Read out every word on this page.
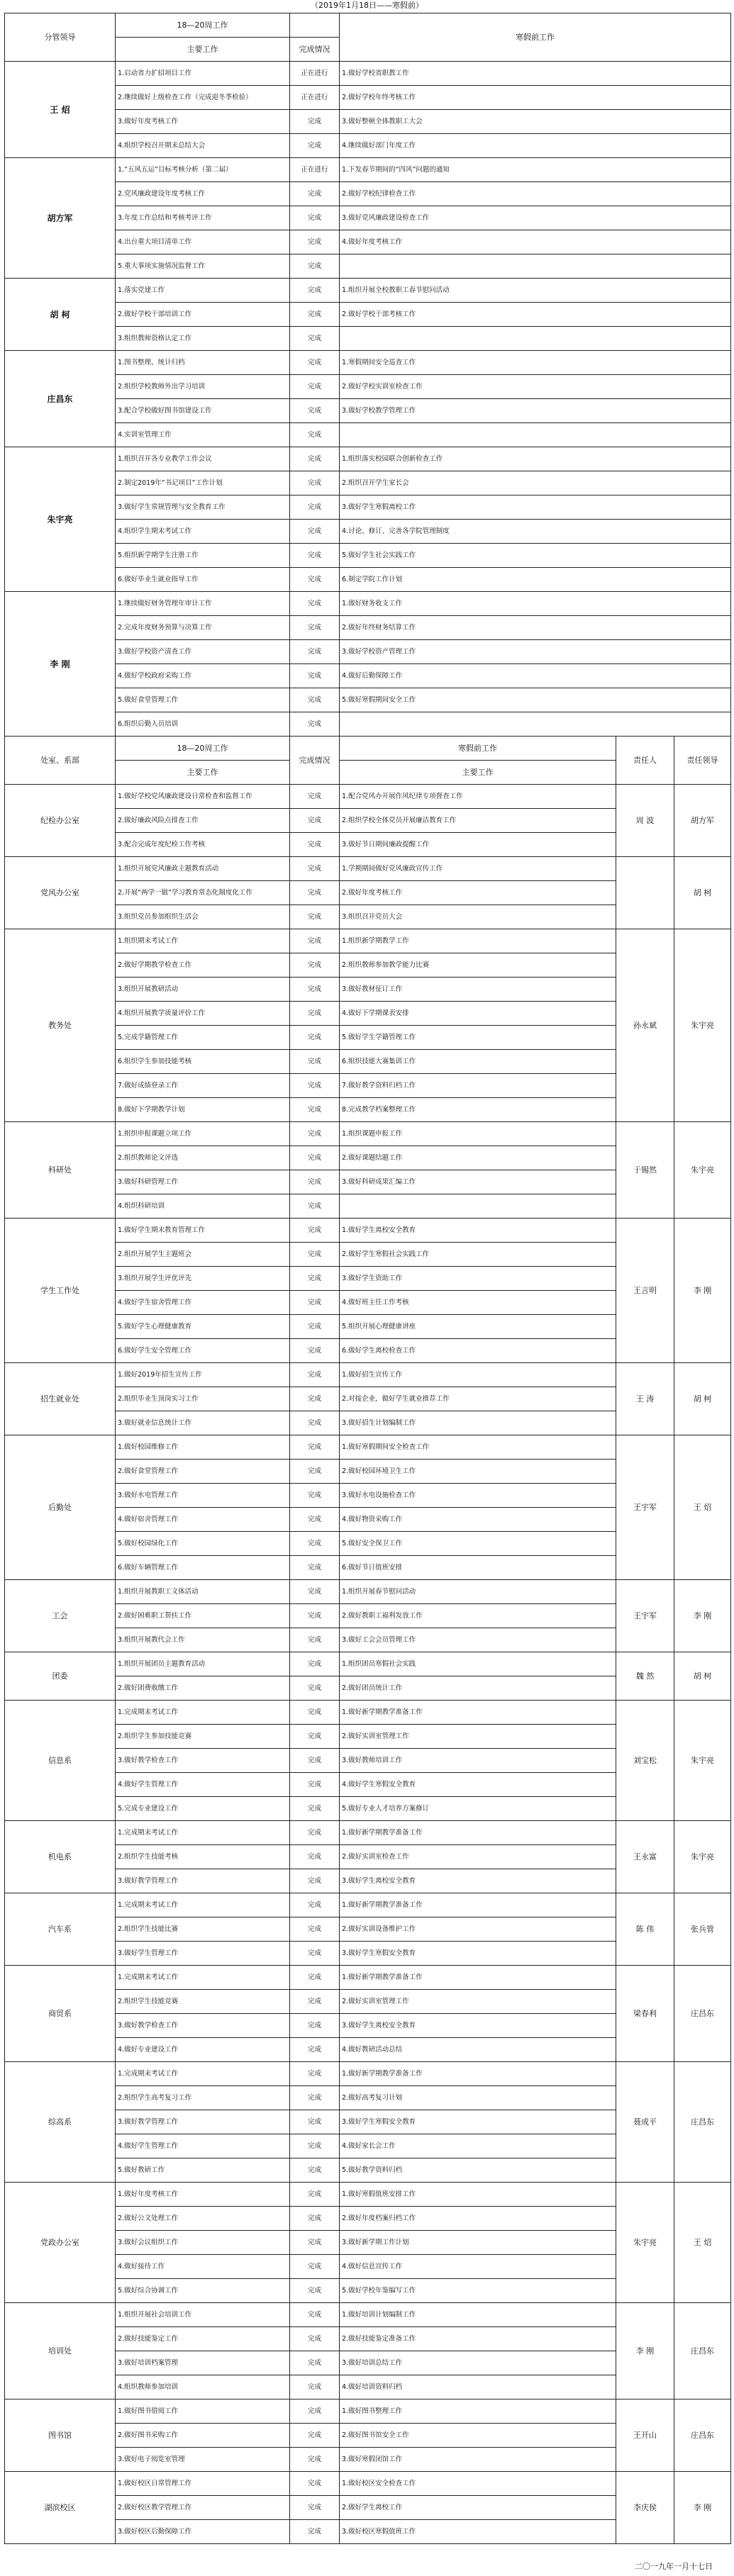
（2019年1月18日——寒假前）
分管领导	18—20周工作		寒假前工作		
	主要工作	完成情况			
王 炤	1.启动省力扩招项目工作	正在进行	1.做好学校省职教工作		
	2.继续做好上级检查工作（完成迎冬季检验）	正在进行	2.做好学校年终考核工作		
	3.做好年度考核工作	完成	3.做好整顿全体教职工大会		
	4.组织学校召开期末总结大会	完成	4.继续做好部门年度工作		
胡方军	1.“五风五运”目标考核分析（第二届）	正在进行	1.下发春节期间的“四风”问题的通知		
	2.党风廉政建设年度考核工作	完成	2.做好学校纪律检查工作		
	3.年度工作总结和考核考评工作	完成	3.做好党风廉政建设检查工作		
	4.出台重大项目清单工作	完成	4.做好年度考核工作		
	5.重大事项实施情况监督工作	完成			
胡 柯	1.落实党建工作	完成	1.组织开展全校教职工春节慰问活动		
	2.做好学校干部培训工作	完成	2.做好学校干部考核工作		
	3.组织教师资格认定工作	完成			
庄昌东	1.图书整理、统计归档	完成	1.寒假期间安全巡查工作		
	2.组织学校教师外出学习培训	完成	2.做好学校实训室检查工作		
	3.配合学校做好图书馆建设工作	完成	3.做好学校教学管理工作		
	4.实训室管理工作	完成			
朱宇亮	1.组织召开各专业教学工作会议	完成	1.组织落实校园联合创新检查工作		
	2.制定2019年“书记项目”工作计划	完成	2.组织召开学生家长会		
	3.做好学生常规管理与安全教育工作	完成	3.做好学生寒假离校工作		
	4.组织学生期末考试工作	完成	4.讨论、修订、完善各学院管理制度		
	5.组织新学期学生注册工作	完成	5.做好学生社会实践工作		
	6.做好毕业生就业指导工作	完成	6.制定学院工作计划		
李 刚	1.继续做好财务管理年审计工作	完成	1.做好财务收支工作		
	2.完成年度财务预算与决算工作	完成	2.做好年终财务结算工作		
	3.做好学校资产清查工作	完成	3.做好学校资产管理工作		
	4.做好学校政府采购工作	完成	4.做好后勤保障工作		
	5.做好食堂管理工作	完成	5.做好寒假期间安全工作		
	6.组织后勤人员培训	完成			
处室、系部	18—20周工作	完成情况	寒假前工作	责任人	责任领导
	主要工作		主要工作		
纪检办公室	1.做好学校党风廉政建设日常检查和监督工作	完成	1.配合党风办开展作风纪律专项督查工作	周 波	胡方军
	2.做好廉政风险点排查工作	完成	2.组织学校全体党员开展廉洁教育工作		
	3.配合完成年度纪检工作考核	完成	3.做好节日期间廉政提醒工作		
党风办公室	1.组织开展党风廉政主题教育活动	完成	1.学期期间做好党风廉政宣传工作		胡 柯
	2.开展“两学一做”学习教育常态化制度化工作	完成	2.做好年度考核工作		
	3.组织党员参加组织生活会	完成	3.组织召开党员大会		
教务处	1.组织期末考试工作	完成	1.组织新学期教学工作	孙永斌	朱宇亮
	2.做好学期教学检查工作	完成	2.组织教师参加教学能力比赛		
	3.组织开展教研活动	完成	3.做好教材征订工作		
	4.组织开展教学质量评价工作	完成	4.做好下学期课表安排		
	5.完成学籍管理工作	完成	5.做好学生学籍管理工作		
	6.组织学生参加技能考核	完成	6.组织技能大赛集训工作		
	7.做好成绩登录工作	完成	7.做好教学资料归档工作		
	8.做好下学期教学计划	完成	8.完成教学档案整理工作		
科研处	1.组织申报课题立项工作	完成	1.组织课题申报工作	于锡然	朱宇亮
	2.组织教师论文评选	完成	2.做好课题结题工作		
	3.做好科研管理工作	完成	3.做好科研成果汇编工作		
	4.组织科研培训	完成			
学生工作处	1.做好学生期末教育管理工作	完成	1.做好学生离校安全教育	王言明	李 刚
	2.组织开展学生主题班会	完成	2.做好学生寒假社会实践工作		
	3.组织开展学生评优评先	完成	3.做好学生资助工作		
	4.做好学生宿舍管理工作	完成	4.做好班主任工作考核		
	5.做好学生心理健康教育	完成	5.组织开展心理健康讲座		
	6.做好学生安全管理工作	完成	6.做好学生离校检查工作		
招生就业处	1.做好2019年招生宣传工作	完成	1.做好招生宣传工作	王 涛	胡 柯
	2.组织毕业生顶岗实习工作	完成	2.对接企业，做好学生就业推荐工作		
	3.做好就业信息统计工作	完成	3.做好招生计划编制工作		
后勤处	1.做好校园维修工作	完成	1.做好寒假期间安全检查工作	王宇军	王 炤
	2.做好食堂管理工作	完成	2.做好校园环境卫生工作		
	3.做好水电管理工作	完成	3.做好水电设施检查工作		
	4.做好宿舍管理工作	完成	4.做好物资采购工作		
	5.做好校园绿化工作	完成	5.做好安全保卫工作		
	6.做好车辆管理工作	完成	6.做好节日值班安排		
工会	1.组织开展教职工文体活动	完成	1.组织开展春节慰问活动	王宇军	李 刚
	2.做好困难职工帮扶工作	完成	2.做好教职工福利发放工作		
	3.组织开展教代会工作	完成	3.做好工会会员管理工作		
团委	1.组织开展团员主题教育活动	完成	1.组织团员寒假社会实践	魏 然	胡 柯
	2.做好团费收缴工作	完成	2.做好团员统计工作		
信息系	1.完成期末考试工作	完成	1.做好新学期教学准备工作	刘宝松	朱宇亮
	2.组织学生参加技能竞赛	完成	2.做好实训室管理工作		
	3.做好教学检查工作	完成	3.做好教师培训工作		
	4.做好学生管理工作	完成	4.做好学生寒假安全教育		
	5.完成专业建设工作	完成	5.做好专业人才培养方案修订		
机电系	1.完成期末考试工作	完成	1.做好新学期教学准备工作	王永富	朱宇亮
	2.组织学生技能考核	完成	2.做好实训室检查工作		
	3.做好教学管理工作	完成	3.做好学生离校安全教育		
汽车系	1.完成期末考试工作	完成	1.做好新学期教学准备工作	陈 伟	张兵管
	2.组织学生技能比赛	完成	2.做好实训设备维护工作		
	3.做好学生管理工作	完成	3.做好学生寒假安全教育		
商贸系	1.完成期末考试工作	完成	1.做好新学期教学准备工作	梁春利	庄昌东
	2.组织学生技能竞赛	完成	2.做好实训室管理工作		
	3.做好教学检查工作	完成	3.做好学生离校安全教育		
	4.做好专业建设工作	完成	4.做好教研活动总结		
综高系	1.完成期末考试工作	完成	1.做好新学期教学准备工作	聂成平	庄昌东
	2.组织学生高考复习工作	完成	2.做好高考复习计划		
	3.做好教学管理工作	完成	3.做好学生寒假安全教育		
	4.做好学生管理工作	完成	4.做好家长会工作		
	5.做好教研工作	完成	5.做好教学资料归档		
党政办公室	1.做好年度考核工作	完成	1.做好寒假值班安排工作	朱宇亮	王 炤
	2.做好公文处理工作	完成	2.做好年度档案归档工作		
	3.做好会议组织工作	完成	3.做好新学期工作计划		
	4.做好接待工作	完成	4.做好信息宣传工作		
	5.做好综合协调工作	完成	5.做好学校年鉴编写工作		
培训处	1.组织开展社会培训工作	完成	1.做好培训计划编制工作	李 刚	庄昌东
	2.做好技能鉴定工作	完成	2.做好技能鉴定准备工作		
	3.做好培训档案管理	完成	3.做好培训总结工作		
	4.组织教师参加培训	完成	4.做好培训资料归档		
图书馆	1.做好图书借阅工作	完成	1.做好图书整理工作	王开山	庄昌东
	2.做好图书采购工作	完成	2.做好图书馆安全工作		
	3.做好电子阅览室管理	完成	3.做好寒假闭馆工作		
湖滨校区	1.做好校区日常管理工作	完成	1.做好校区安全检查工作	李庆侯	李 刚
	2.做好校区教学管理工作	完成	2.做好学生离校工作		
	3.做好校区后勤保障工作	完成	3.做好校区寒假值班工作		
二〇一九年一月十七日
